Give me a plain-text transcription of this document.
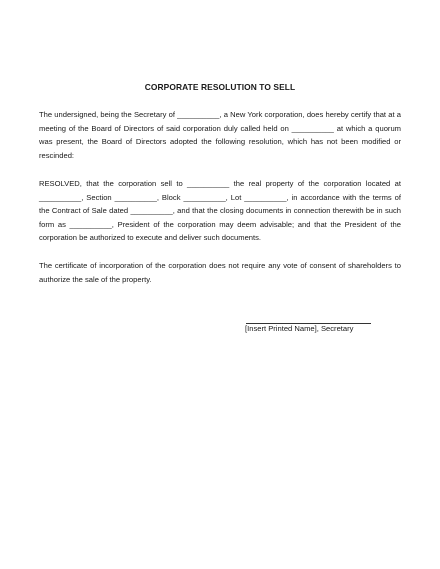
CORPORATE RESOLUTION TO SELL
The undersigned, being the Secretary of __________, a New York corporation, does hereby certify that at a meeting of the Board of Directors of said corporation duly called held on __________ at which a quorum was present, the Board of Directors adopted the following resolution, which has not been modified or rescinded:
RESOLVED, that the corporation sell to __________ the real property of the corporation located at __________, Section __________, Block __________, Lot __________, in accordance with the terms of the Contract of Sale dated __________, and that the closing documents in connection therewith be in such form as __________, President of the corporation may deem advisable; and that the President of the corporation be authorized to execute and deliver such documents.
The certificate of incorporation of the corporation does not require any vote of consent of shareholders to authorize the sale of the property.
[Insert Printed Name], Secretary
